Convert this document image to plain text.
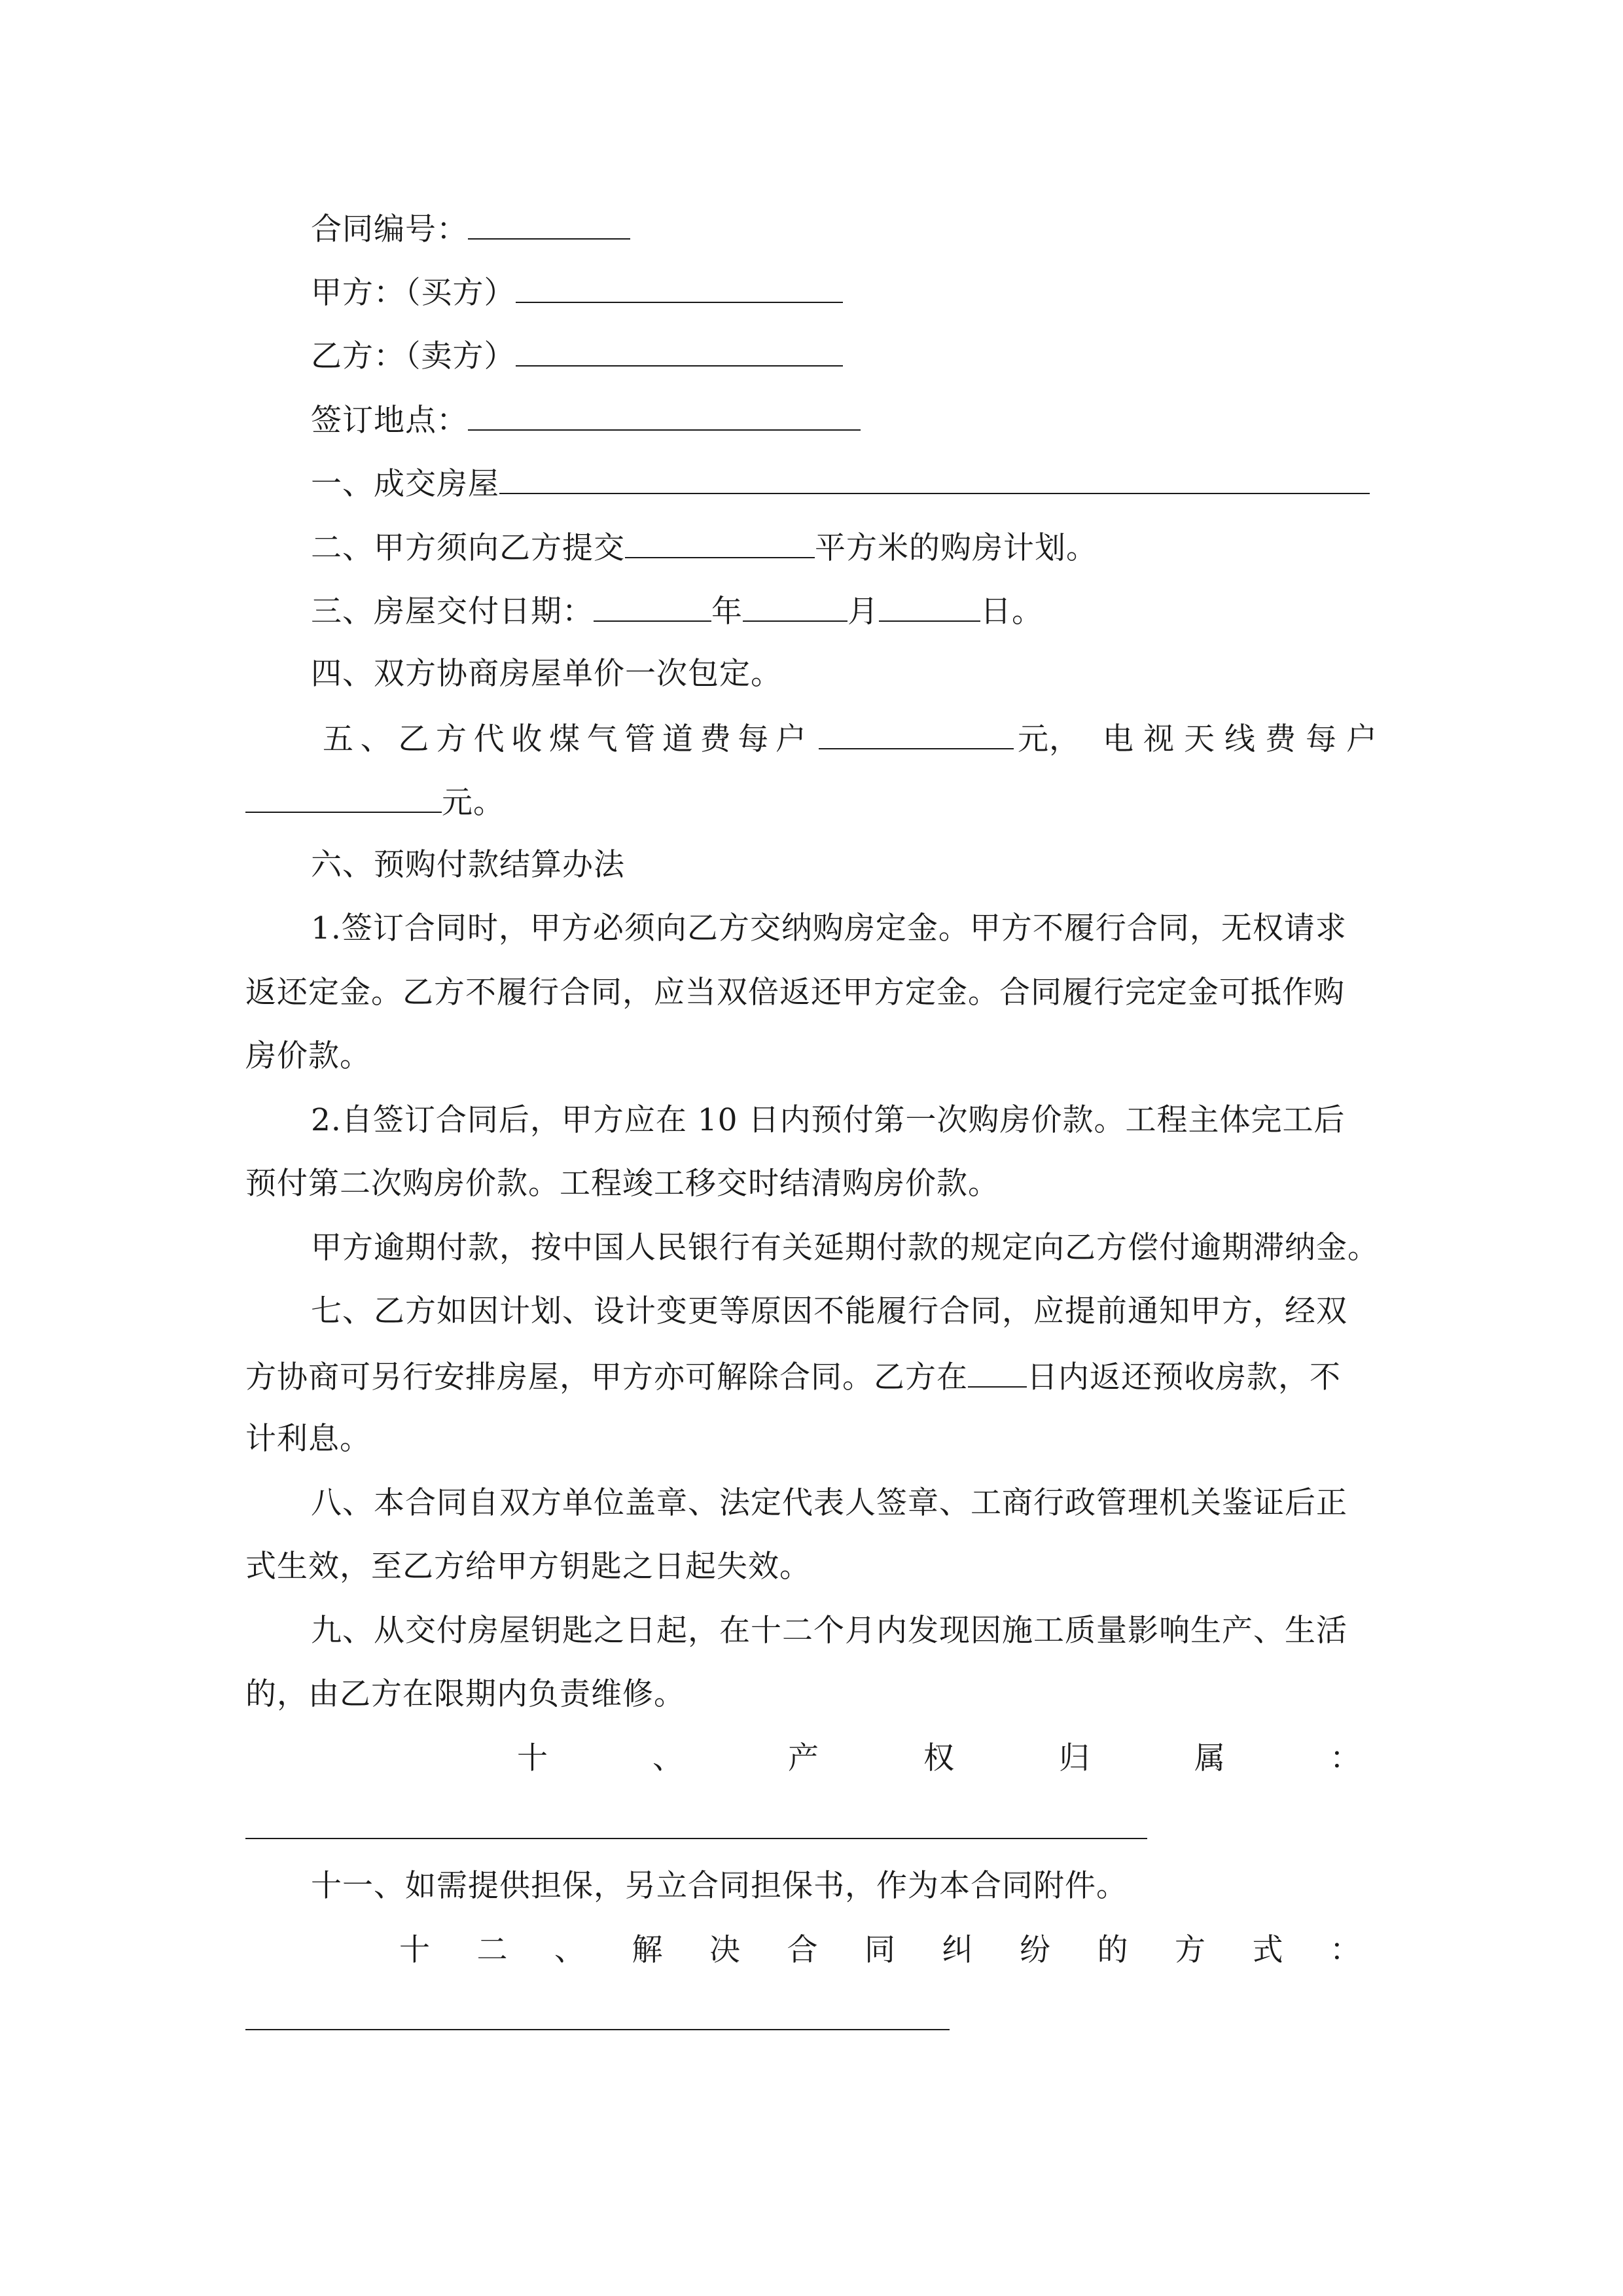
合同编号：
甲方：（买方）
乙方：（卖方）
签订地点：
一、成交房屋
二、甲方须向乙方提交	平方米的购房计划。
三、房屋交付日期：	年	月	日。
四、双方协商房屋单价一次包定。
五 、 乙 方 代 收 煤 气 管 道 费 每 户	元， 电 视 天 线 费 每 户
元。
六、预购付款结算办法
1.签订合同时，甲方必须向乙方交纳购房定金。甲方不履行合同，无权请求
返还定金。乙方不履行合同，应当双倍返还甲方定金。合同履行完定金可抵作购
房价款。
2.自签订合同后，甲方应在 10 日内预付第一次购房价款。工程主体完工后
预付第二次购房价款。工程竣工移交时结清购房价款。
甲方逾期付款，按中国人民银行有关延期付款的规定向乙方偿付逾期滞纳金。
七、乙方如因计划、设计变更等原因不能履行合同，应提前通知甲方，经双
方协商可另行安排房屋，甲方亦可解除合同。乙方在 日内返还预收房款，不
计利息。
八、本合同自双方单位盖章、法定代表人签章、工商行政管理机关鉴证后正
式生效，至乙方给甲方钥匙之日起失效。
九、从交付房屋钥匙之日起，在十二个月内发现因施工质量影响生产、生活
的，由乙方在限期内负责维修。
十	、	产	权	归	属	：
十一、如需提供担保，另立合同担保书，作为本合同附件。
十 二 、 解 决 合 同 纠 纷 的 方 式 ：
